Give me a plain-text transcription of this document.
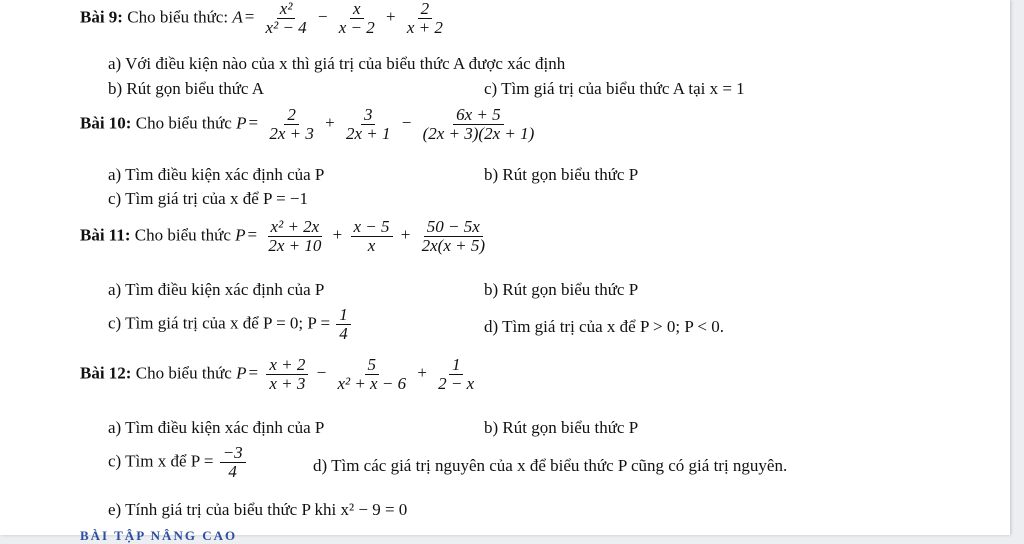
Bài 9: Cho biểu thức: $A = \frac{\text{x²}}{\text{x² − 4}} - \frac{x}{x - 2} + \frac{2}{x + 2}$
a) Với điều kiện nào của x thì giá trị của biểu thức A được xác định
b) Rút gọn biểu thức A	c) Tìm giá trị của biểu thức A tại x = 1
Bài 10: Cho biểu thức $P = \frac{2}{2x + 3} + \frac{3}{2x + 1} - \frac{6x + 5}{(2x + 3)(2x + 1)}$
a) Tìm điều kiện xác định của P	b) Rút gọn biểu thức P
c) Tìm giá trị của x để P = −1
Bài 11: Cho biểu thức $P = \frac{\text{x² + 2x}}{2x + 10} + \frac{x - 5}{x} + \frac{50 - 5x}{2x(x + 5)}$
a) Tìm điều kiện xác định của P	b) Rút gọn biểu thức P
c) Tìm giá trị của x để P = 0; $P = \frac{1}{4}$	d) Tìm giá trị của x để P > 0; P < 0.
Bài 12: Cho biểu thức $P = \frac{x + 2}{x + 3} - \frac{5}{\text{x² + x − 6}} + \frac{1}{2 - x}$
a) Tìm điều kiện xác định của P	b) Rút gọn biểu thức P
c) Tìm x để $P = \frac{-3}{4}$	d) Tìm các giá trị nguyên của x để biểu thức P cũng có giá trị nguyên.
e) Tính giá trị của biểu thức P khi x² − 9 = 0
BÀI TẬP NÂNG CAO
